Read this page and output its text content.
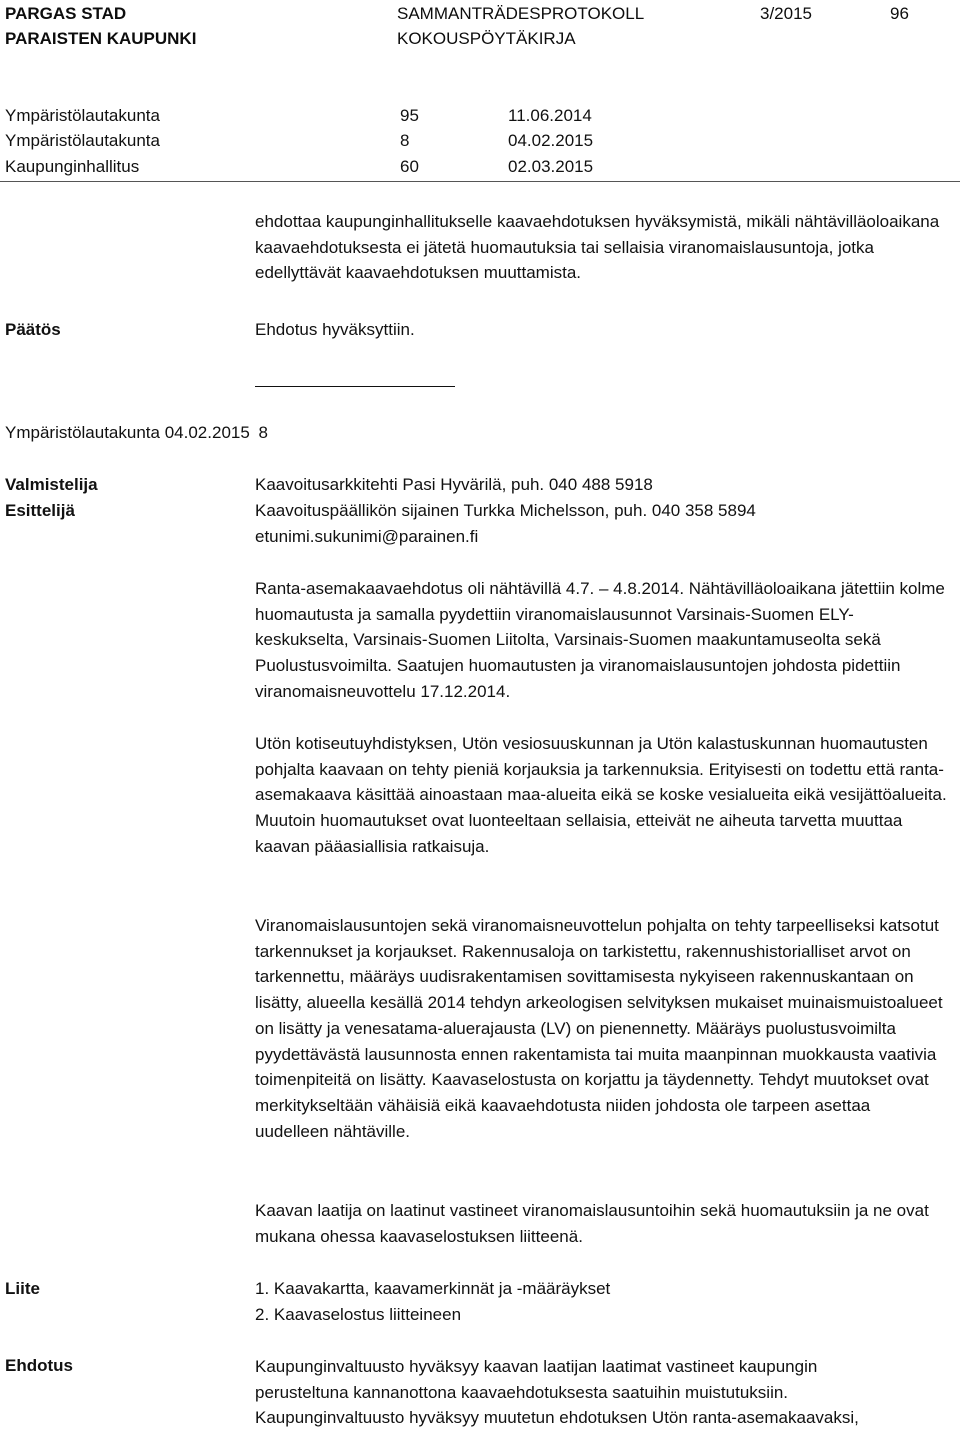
PARGAS STAD
PARAISTEN KAUPUNKI
SAMMANTRÄDESPROTOKOLL
KOKOUSPÖYTÄKIRJA
3/2015	96
Ympäristölautakunta	95	11.06.2014
Ympäristölautakunta	8	04.02.2015
Kaupunginhallitus	60	02.03.2015

ehdottaa kaupunginhallitukselle kaavaehdotuksen hyväksymistä, mikäli nähtävilläoloaikana kaavaehdotuksesta ei jätetä huomautuksia tai sellaisia viranomaislausuntoja, jotka edellyttävät kaavaehdotuksen muuttamista.

Päätös	Ehdotus hyväksyttiin.
Ympäristölautakunta 04.02.2015 8
Valmistelija	Kaavoitusarkkitehti Pasi Hyvärilä, puh. 040 488 5918
Esittelijä	Kaavoituspäällikön sijainen Turkka Michelsson, puh. 040 358 5894
etunimi.sukunimi@parainen.fi

Ranta-asemakaavaehdotus oli nähtävillä 4.7. – 4.8.2014. Nähtävilläoloaikana jätettiin kolme huomautusta ja samalla pyydettiin viranomaislausunnot Varsinais-Suomen ELY-keskukselta, Varsinais-Suomen Liitolta, Varsinais-Suomen maakuntamuseolta sekä Puolustusvoimilta. Saatujen huomautusten ja viranomaislausuntojen johdosta pidettiin viranomaisneuvottelu 17.12.2014.

Utön kotiseutuyhdistyksen, Utön vesiosuuskunnan ja Utön kalastuskunnan huomautusten pohjalta kaavaan on tehty pieniä korjauksia ja tarkennuksia. Erityisesti on todettu että ranta-asemakaava käsittää ainoastaan maa-alueita eikä se koske vesialueita eikä vesijättöalueita. Muutoin huomautukset ovat luonteeltaan sellaisia, etteivät ne aiheuta tarvetta muuttaa kaavan pääasiallisia ratkaisuja.

Viranomaislausuntojen sekä viranomaisneuvottelun pohjalta on tehty tarpeelliseksi katsotut tarkennukset ja korjaukset. Rakennusaloja on tarkistettu, rakennushistorialliset arvot on tarkennettu, määräys uudisrakentamisen sovittamisesta nykyiseen rakennuskantaan on lisätty, alueella kesällä 2014 tehdyn arkeologisen selvityksen mukaiset muinaismuistoalueet on lisätty ja venesatama-aluerajausta (LV) on pienennetty. Määräys puolustusvoimilta pyydettävästä lausunnosta ennen rakentamista tai muita maanpinnan muokkausta vaativia toimenpiteitä on lisätty. Kaavaselostusta on korjattu ja täydennetty. Tehdyt muutokset ovat merkitykseltään vähäisiä eikä kaavaehdotusta niiden johdosta ole tarpeen asettaa uudelleen nähtäville.

Kaavan laatija on laatinut vastineet viranomaislausuntoihin sekä huomautuksiin ja ne ovat mukana ohessa kaavaselostuksen liitteenä.

Liite	1. Kaavakartta, kaavamerkinnät ja -määräykset
2. Kaavaselostus liitteineen
Ehdotus	Kaupunginvaltuusto hyväksyy kaavan laatijan laatimat vastineet kaupungin
perusteltuna kannanottona kaavaehdotuksesta saatuihin muistutuksiin.
Kaupunginvaltuusto hyväksyy muutetun ehdotuksen Utön ranta-asemakaavaksi,
